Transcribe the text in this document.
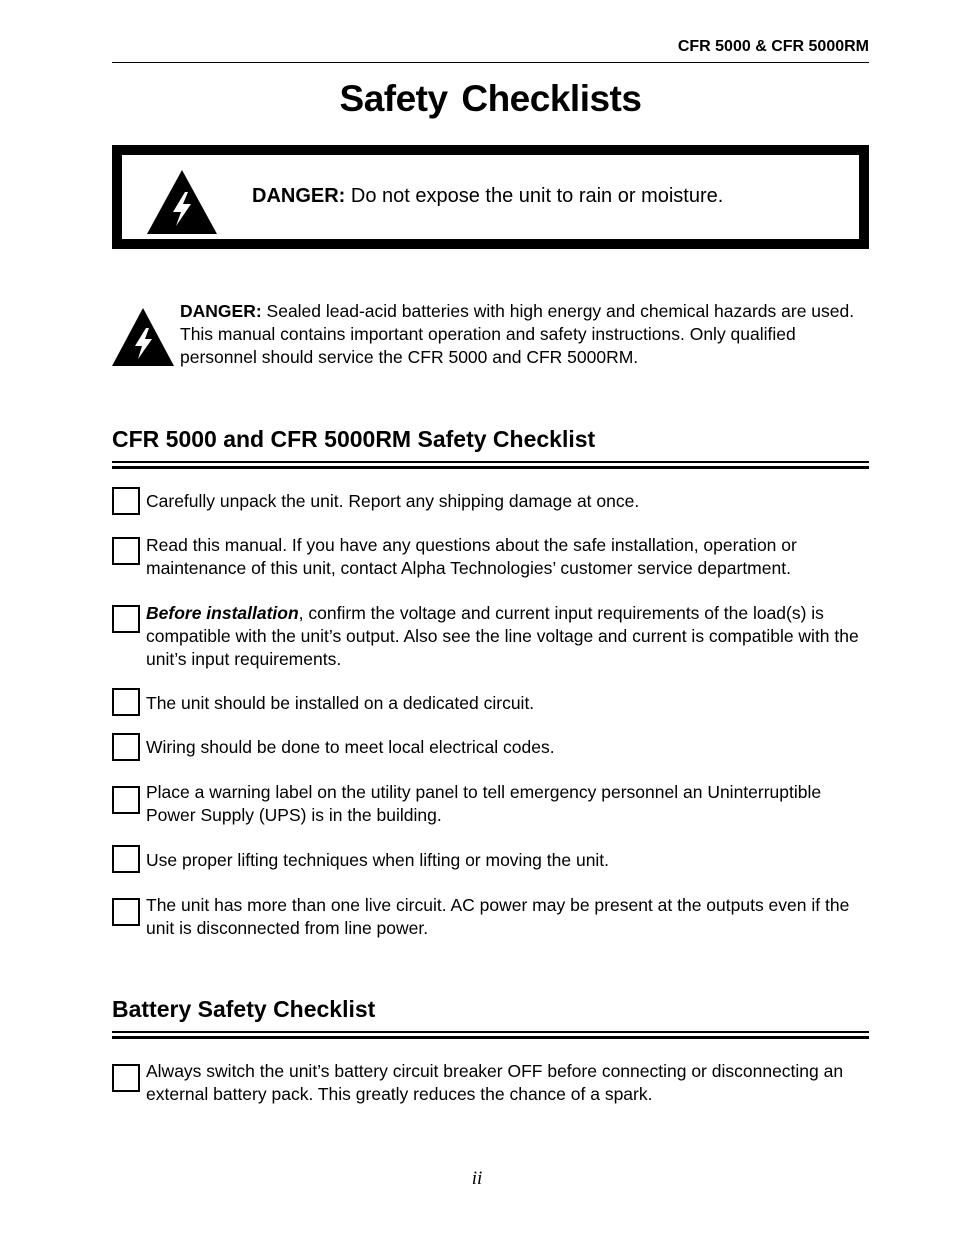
CFR 5000 & CFR 5000RM
Safety Checklists
DANGER: Do not expose the unit to rain or moisture.
DANGER: Sealed lead-acid batteries with high energy and chemical hazards are used. This manual contains important operation and safety instructions. Only qualified personnel should service the CFR 5000 and CFR 5000RM.
CFR 5000 and CFR 5000RM Safety Checklist
Carefully unpack the unit. Report any shipping damage at once.
Read this manual. If you have any questions about the safe installation, operation or maintenance of this unit, contact Alpha Technologies’ customer service department.
Before installation, confirm the voltage and current input requirements of the load(s) is compatible with the unit’s output. Also see the line voltage and current is compatible with the unit’s input requirements.
The unit should be installed on a dedicated circuit.
Wiring should be done to meet local electrical codes.
Place a warning label on the utility panel to tell emergency personnel an Uninterruptible Power Supply (UPS) is in the building.
Use proper lifting techniques when lifting or moving the unit.
The unit has more than one live circuit. AC power may be present at the outputs even if the unit is disconnected from line power.
Battery Safety Checklist
Always switch the unit’s battery circuit breaker OFF before connecting or disconnecting an external battery pack. This greatly reduces the chance of a spark.
ii
